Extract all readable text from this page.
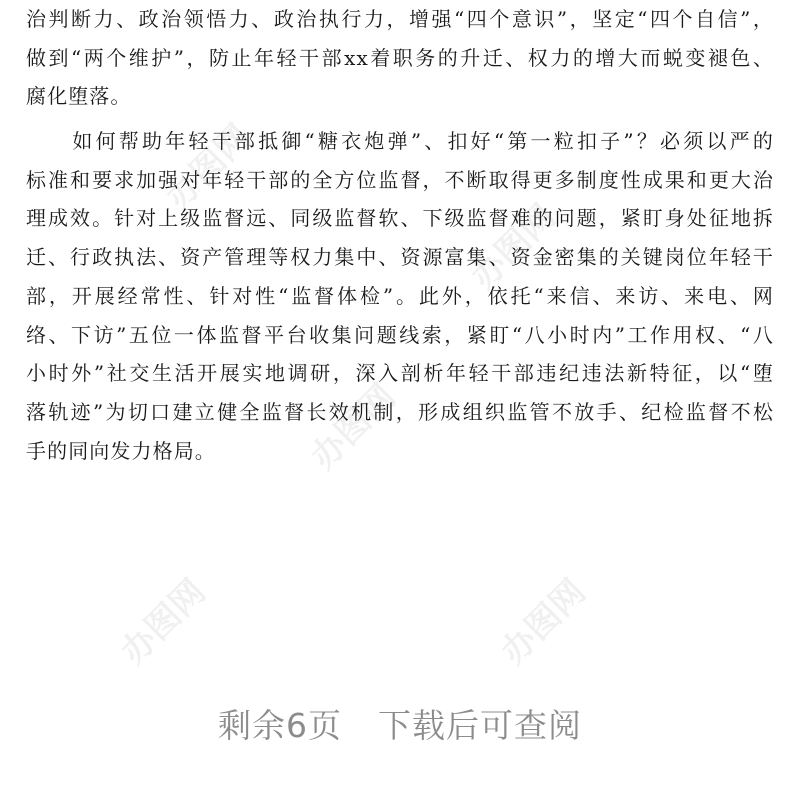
治判断力、政治领悟力、政治执行力，增强“四个意识”，坚定“四个自信”，
做到“两个维护”，防止年轻干部xx着职务的升迁、权力的增大而蜕变褪色、
腐化堕落。
　　如何帮助年轻干部抵御“糖衣炮弹”、扣好“第一粒扣子”？必须以严的
标准和要求加强对年轻干部的全方位监督，不断取得更多制度性成果和更大治
理成效。针对上级监督远、同级监督软、下级监督难的问题，紧盯身处征地拆
迁、行政执法、资产管理等权力集中、资源富集、资金密集的关键岗位年轻干
部，开展经常性、针对性“监督体检”。此外，依托“来信、来访、来电、网
络、下访”五位一体监督平台收集问题线索，紧盯“八小时内”工作用权、“八
小时外”社交生活开展实地调研，深入剖析年轻干部违纪违法新特征，以“堕
落轨迹”为切口建立健全监督长效机制，形成组织监管不放手、纪检监督不松
手的同向发力格局。
办图网
办图网
办图网
办图网	办图网
剩余6页 下载后可查阅
